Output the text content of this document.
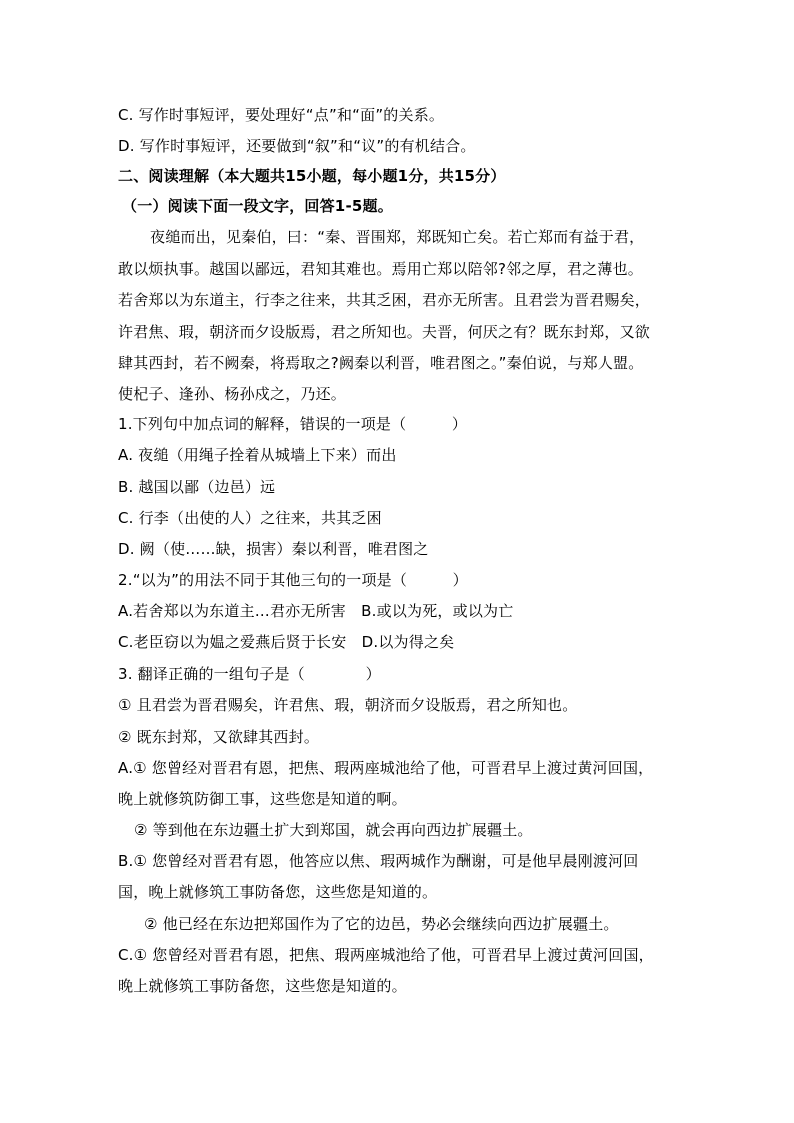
C. 写作时事短评，要处理好“点”和“面”的关系。
D. 写作时事短评，还要做到“叙”和“议”的有机结合。
二、阅读理解（本大题共15小题，每小题1分，共15分）
（一）阅读下面一段文字，回答1-5题。
夜缒而出，见秦伯，曰：“秦、晋围郑，郑既知亡矣。若亡郑而有益于君，
敢以烦执事。越国以鄙远，君知其难也。焉用亡郑以陪邻?邻之厚，君之薄也。
若舍郑以为东道主，行李之往来，共其乏困，君亦无所害。且君尝为晋君赐矣，
许君焦、瑕，朝济而夕设版焉，君之所知也。夫晋，何厌之有？既东封郑，又欲
肆其西封，若不阙秦，将焉取之?阙秦以利晋，唯君图之。”秦伯说，与郑人盟。
使杞子、逢孙、杨孙戍之，乃还。
1.下列句中加点词的解释，错误的一项是（　　　）
A. 夜缒（用绳子拴着从城墙上下来）而出
B. 越国以鄙（边邑）远
C. 行李（出使的人）之往来，共其乏困
D. 阙（使……缺，损害）秦以利晋，唯君图之
2.“以为”的用法不同于其他三句的一项是（　　　）
A.若舍郑以为东道主…君亦无所害　B.或以为死，或以为亡
C.老臣窃以为媪之爱燕后贤于长安　D.以为得之矣
3. 翻译正确的一组句子是（　　　　）
① 且君尝为晋君赐矣，许君焦、瑕，朝济而夕设版焉，君之所知也。
② 既东封郑，又欲肆其西封。
A.① 您曾经对晋君有恩，把焦、瑕两座城池给了他，可晋君早上渡过黄河回国，
晚上就修筑防御工事，这些您是知道的啊。
② 等到他在东边疆土扩大到郑国，就会再向西边扩展疆土。
B.① 您曾经对晋君有恩，他答应以焦、瑕两城作为酬谢，可是他早晨刚渡河回
国，晚上就修筑工事防备您，这些您是知道的。
② 他已经在东边把郑国作为了它的边邑，势必会继续向西边扩展疆土。
C.① 您曾经对晋君有恩，把焦、瑕两座城池给了他，可晋君早上渡过黄河回国，
晚上就修筑工事防备您，这些您是知道的。
